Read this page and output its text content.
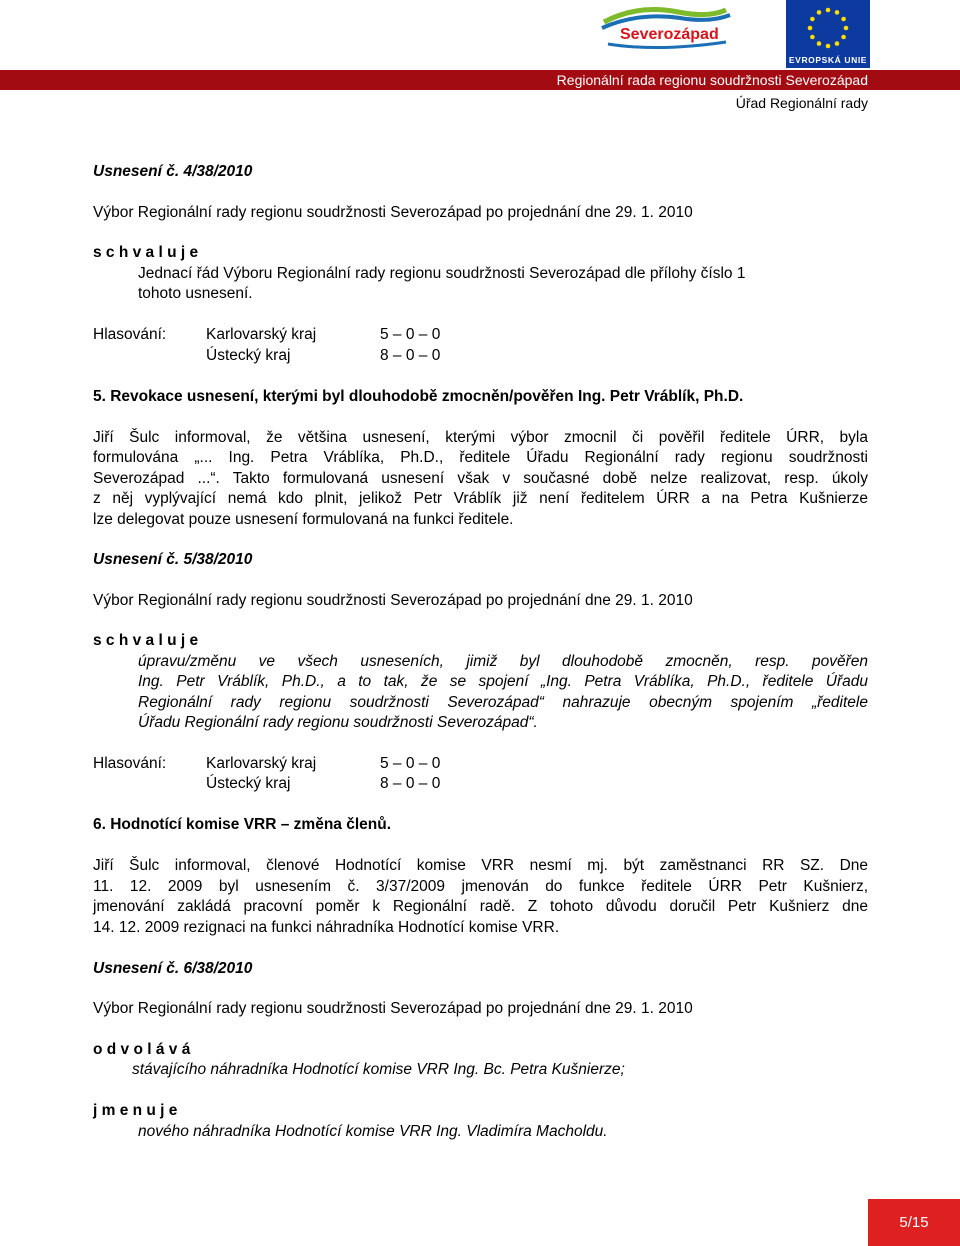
Severozápad
EVROPSKÁ UNIE
Regionální rada regionu soudržnosti Severozápad
Úřad Regionální rady
Usnesení č. 4/38/2010
Výbor Regionální rady regionu soudržnosti Severozápad po projednání dne 29. 1. 2010
s c h v a l u j e
Jednací řád Výboru Regionální rady regionu soudržnosti Severozápad dle přílohy číslo 1
tohoto usnesení.
Hlasování:	Karlovarský kraj	5 – 0 – 0
Ústecký kraj	8 – 0 – 0
5. Revokace usnesení, kterými byl dlouhodobě zmocněn/pověřen Ing. Petr Vráblík, Ph.D.
Jiří Šulc informoval, že většina usnesení, kterými výbor zmocnil či pověřil ředitele ÚRR, byla
formulována „... Ing. Petra Vráblíka, Ph.D., ředitele Úřadu Regionální rady regionu soudržnosti
Severozápad ...“. Takto formulovaná usnesení však v současné době nelze realizovat, resp. úkoly
z něj vyplývající nemá kdo plnit, jelikož Petr Vráblík již není ředitelem ÚRR a na Petra Kušnierze
lze delegovat pouze usnesení formulovaná na funkci ředitele.
Usnesení č. 5/38/2010
Výbor Regionální rady regionu soudržnosti Severozápad po projednání dne 29. 1. 2010
s c h v a l u j e
úpravu/změnu ve všech usneseních, jimiž byl dlouhodobě zmocněn, resp. pověřen
Ing. Petr Vráblík, Ph.D., a to tak, že se spojení „Ing. Petra Vráblíka, Ph.D., ředitele Úřadu
Regionální rady regionu soudržnosti Severozápad“ nahrazuje obecným spojením „ředitele
Úřadu Regionální rady regionu soudržnosti Severozápad“.
Hlasování:	Karlovarský kraj	5 – 0 – 0
Ústecký kraj	8 – 0 – 0
6. Hodnotící komise VRR – změna členů.
Jiří Šulc informoval, členové Hodnotící komise VRR nesmí mj. být zaměstnanci RR SZ. Dne
11. 12. 2009 byl usnesením č. 3/37/2009 jmenován do funkce ředitele ÚRR Petr Kušnierz,
jmenování zakládá pracovní poměr k Regionální radě. Z tohoto důvodu doručil Petr Kušnierz dne
14. 12. 2009 rezignaci na funkci náhradníka Hodnotící komise VRR.
Usnesení č. 6/38/2010
Výbor Regionální rady regionu soudržnosti Severozápad po projednání dne 29. 1. 2010
o d v o l á v á
stávajícího náhradníka Hodnotící komise VRR Ing. Bc. Petra Kušnierze;
j m e n u j e
nového náhradníka Hodnotící komise VRR Ing. Vladimíra Macholdu.
5/15
